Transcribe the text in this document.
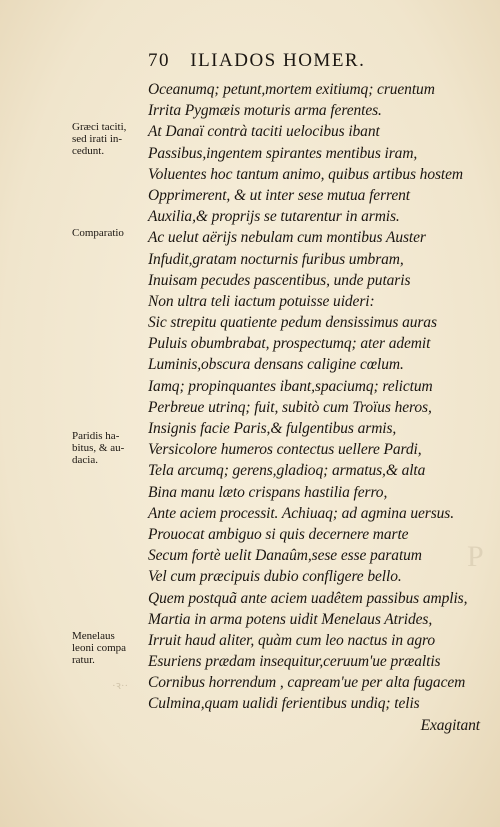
70 ILIADOS HOMER.
Græci taciti,
sed irati in-
cedunt.
Comparatio
Paridis ha-
bitus, & au-
dacia.
Menelaus
leoni compa
ratur.
Oceanumq; petunt,mortem exitiumq; cruentum
Irrita Pygmæis moturis arma ferentes.
At Danaï contrà taciti uelocibus ibant
Passibus,ingentem spirantes mentibus iram,
Voluentes hoc tantum animo, quibus artibus hostem
Opprimerent, & ut inter sese mutua ferrent
Auxilia,& proprijs se tutarentur in armis.
Ac uelut aërijs nebulam cum montibus Auster
Infudit,gratam nocturnis furibus umbram,
Inuisam pecudes pascentibus, unde putaris
Non ultra teli iactum potuisse uideri:
Sic strepitu quatiente pedum densissimus auras
Puluis obumbrabat, prospectumq; ater ademit
Luminis,obscura densans caligine cœlum.
Iamq; propinquantes ibant,spaciumq; relictum
Perbreue utrinq; fuit, subitò cum Troïus heros,
Insignis facie Paris,& fulgentibus armis,
Versicolore humeros contectus uellere Pardi,
Tela arcumq; gerens,gladioq; armatus,& alta
Bina manu læto crispans hastilia ferro,
Ante aciem processit. Achiuaq; ad agmina uersus.
Prouocat ambiguo si quis decernere marte
Secum fortè uelit Danaûm,sese esse paratum
Vel cum præcipuis dubio confligere bello.
Quem postquã ante aciem uadêtem passibus amplis,
Martia in arma potens uidit Menelaus Atrides,
Irruit haud aliter, quàm cum leo nactus in agro
Esuriens prædam insequitur,ceruum'ue præaltis
Cornibus horrendum , capream'ue per alta fugacem
Culmina,quam ualidi ferientibus undiq; telis
Exagitant
P
·ꝛ··
